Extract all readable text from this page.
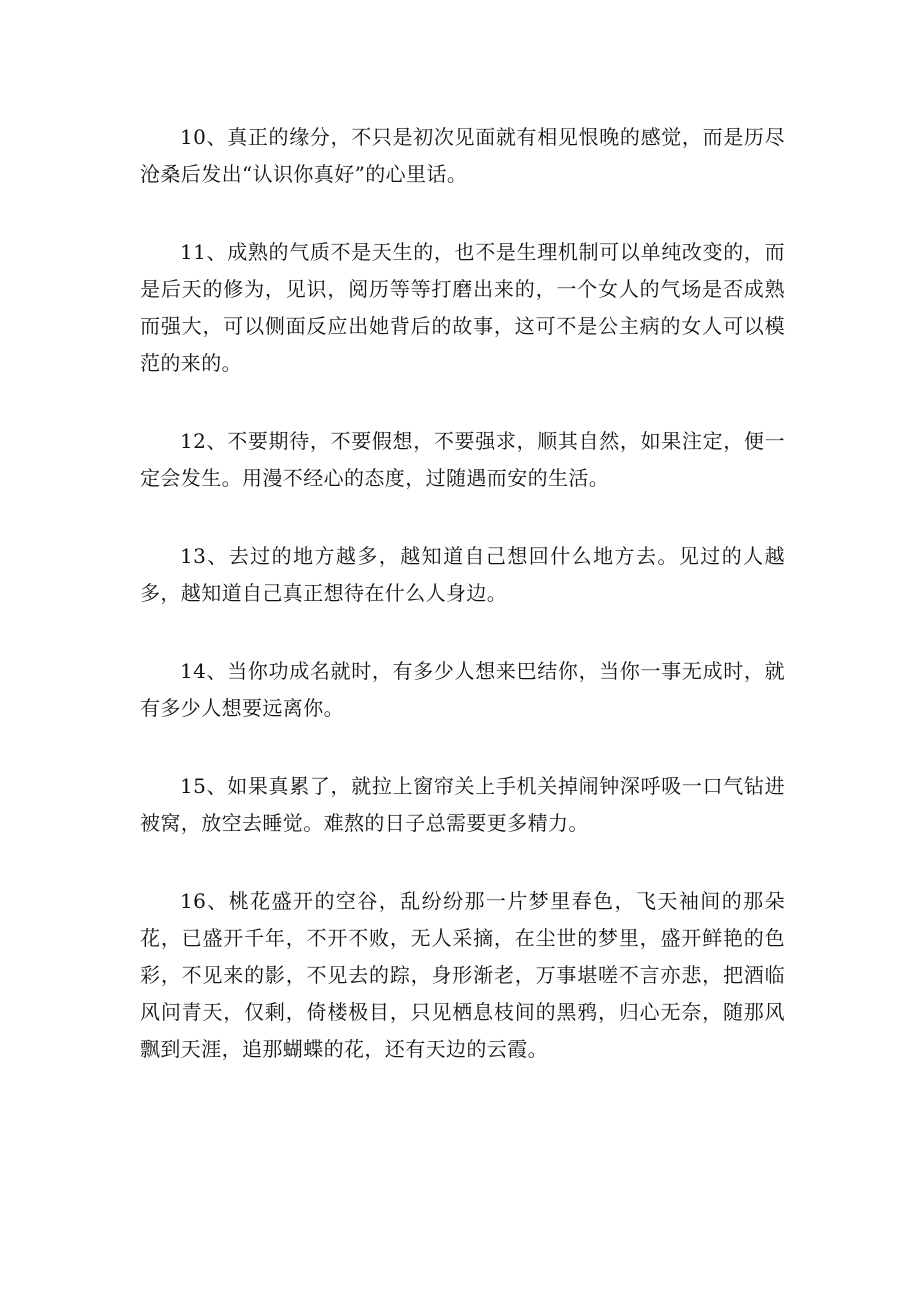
10、真正的缘分，不只是初次见面就有相见恨晚的感觉，而是历尽沧桑后发出“认识你真好”的心里话。

11、成熟的气质不是天生的，也不是生理机制可以单纯改变的，而是后天的修为，见识，阅历等等打磨出来的，一个女人的气场是否成熟而强大，可以侧面反应出她背后的故事，这可不是公主病的女人可以模范的来的。

12、不要期待，不要假想，不要强求，顺其自然，如果注定，便一定会发生。用漫不经心的态度，过随遇而安的生活。

13、去过的地方越多，越知道自己想回什么地方去。见过的人越多，越知道自己真正想待在什么人身边。

14、当你功成名就时，有多少人想来巴结你，当你一事无成时，就有多少人想要远离你。

15、如果真累了，就拉上窗帘关上手机关掉闹钟深呼吸一口气钻进被窝，放空去睡觉。难熬的日子总需要更多精力。

16、桃花盛开的空谷，乱纷纷那一片梦里春色，飞天袖间的那朵花，已盛开千年，不开不败，无人采摘，在尘世的梦里，盛开鲜艳的色彩，不见来的影，不见去的踪，身形渐老，万事堪嗟不言亦悲，把酒临风问青天，仅剩，倚楼极目，只见栖息枝间的黑鸦，归心无奈，随那风飘到天涯，追那蝴蝶的花，还有天边的云霞。
